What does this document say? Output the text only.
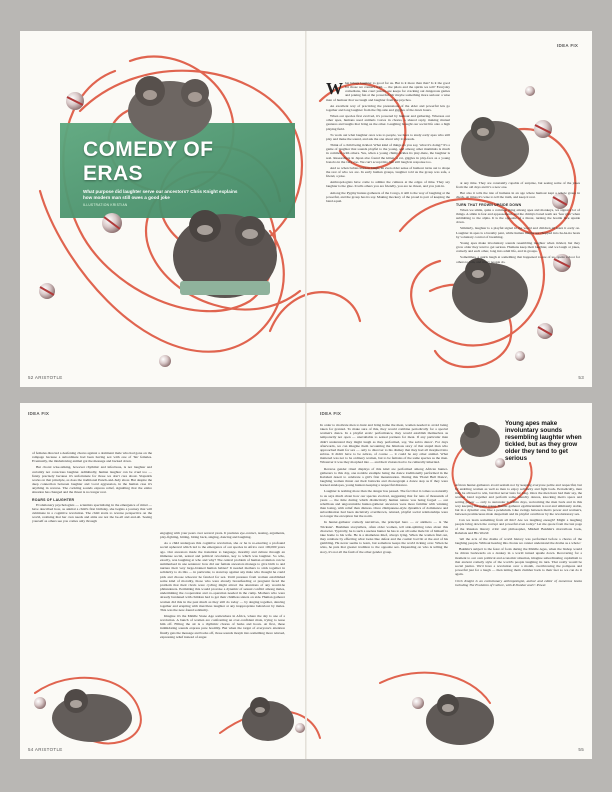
COMEDY OF ERAS
What purpose did laughter serve our ancestors? Chris Knight explains how modern man still owes a good joke
ILLUSTRATION KRISTIAN

What brings laughter to good for us. But is it more than that? Is it the good for those we connect with — the pilots and the spirits we tell? Everyday comedians, like court jesters, are keeps for cracking out dangerous games and poking fun at the powerful. Or maybe something more serious: a wise man of humour that we laugh and laughter from the psychos.

An excellent way of practicing the pretensions of the elder and powerful lets go together and long laughter from the flip side and giggles of the dawn hours.

When our species first evolved, it's powered by humour and gathering. Whereas our other apes, humans used animals voices in chorus, a shared reply, making mutual gestures and laughs that bring us the other. Laughing brought our social life onto a high playing field.

To work out what laughter once was to people, we have to study early apes who still play and make the sound, and ask the one about why it spreads.

Think of a child being tickled. What kind of things do you say, 'what it's doing?' It's a game of laughter that sounds playful to the young, and among other mammals is much in common with others. Yes, when a young chimp tickles its play-mate, the laughter is real. Researchers in Japan also found the kitten, a rat, giggles in play-face as a young bonobo in the very zoo. We can't accept this. We still laugh in response too.

And so when babies learn to laugh, an even older sense of humour turns out to shape the rest of who we are. In early human groups, laughter told us the group was safe, a friend, a joke.

Anthropologists have come to admire the cultures at the edges of time. They say laughter is the glue. It tells others you are friendly, you are no threat, and you join in.

Among the Pygmy hunter-gatherers of the Congo, it still is the way of laughing at the powerful, and the group has its say. Making mockery of the proud is part of keeping the band equal.

at any time. They are constantly capable of surprise, but seeing some of the jokes from the old days and it's a new one.

But also it tells the tale of humans in an age where humour kept a whole group in check. At times it's wise to tell the truth, and keep it real.

TURN THAT FROWN UPSIDE DOWN

When we smile, quite a common thing among apes and monkeys, we signal a lot of things. A smile is fear and appeasement, and the chimp's bared teeth are 'fear grin' when submitting to the alpha. It is the opposite of a threat, turning the hostile face upside down.

Similarly, laughter is a playful signal in the world and children all learn it early on. Laughter in apes is a breathy pant, while human laughs are chopped into ha-ha-ha beats by voluntary control of breathing.

Young apes make involuntary sounds resembling laughter when tickled, but they grow older they tend to get serious. Humans keep their laughter, and we laugh at jokes, comedy and each other, long into adult life, and in groups.

Sometimes, a quick laugh at something that happened to one of us, opens a door for others to join, and many people do.

52 ARISTOTLE
IDEA FIX
53

of females directed a deafening chorus against a dominant male who had gone on the rampage because a subordinate had been having sex with one of 'his' females. Eventually, the misbehaving animal got the message and backed down.

But choral wise-talking, however rhythmic and infectious, is not laughter and certainly not conscious laughter. Admittedly, human laughter can be cruel too — funny precisely because it's unfortunate for those we don't care about. Slapstick works on that principle, as does the traditional Punch-and-Judy show. But despite the deep connection between laughter and vocal aggression, in the human case it's anything in reverse. The cackling sounds express relief, signalling that the entire situation has changed and the threat is no longer real.

ROARS OF LAUGHTER

Evolutionary psychologists — scientists specialising in the emergence of mind — have described how, as animal a child's first birthday, she begins a journey that will culminate in a cognitive revolution. The child starts to reverse perspective on the world, realising that her own needs and aims are not the be-all and end-all. Seeing yourself as others see you comes only through

engaging with your peers over several years. It predates eye-contact, teasing, arguments, play-fighting, hitting, biting back, singing, dancing and laughing.

As a child undergoes this cognitive revolution, she or he is re-enacting a profound social upheaval which led to the emergence of our species in Africa over 100,000 years ago. Our ancestors made the transition to language, morality and culture through an immense social, sexual and political revolution, key to which was laughter. So who, exactly, was laughing at who and why? The central problem of human evolution can be summarised in one sentence: how did our female ancestors manage to give birth to and nurture their very large-brained human babies? It needed mothers to stick together in solidarity to do this — in particular, to stand up against any male who thought he could pick and choose whoever he fancied for sex. Until pressure from women established some kind of morality, those who were already breastfeeding or pregnant faced the problem that their rivals were cycling might attract the attentions of any would-be philanderers. Permitting this would provoke a dynamic of sexual conflict among males, undermining the cooperation and co-operation needed in the camp. Mothers who were already burdened with children had to get their childless sisters on side. Human gatherer women did this in the past much as they still do today — by singing together, dancing together and erupting with merciless laughter at any inappropriate behaviour by males. This was the new-found solidarity.

Imagine it's the Middle Stone Age somewhere in Africa, where the day is one of a revolution. A bunch of women are confronting an over-confident male, trying to tease him off. Filling the air is a rhythmic chorus of barks and hoots. At first, these intimidating sounds express pure hostility. But when the target of everyone's attention finally gets the message and backs off, those sounds morph into something more relaxed, expressing relief instead of anger.

In order to motivate men to hunt and bring home the meat, women needed to avoid being taken for granted. To make sure of this, they would combine periodically for a special women's dance. In a playful erotic performance, they would establish themselves as temporarily not open — unavailable to sexual partners for meat. If any particular man didn't understand they might laugh as they performed, say, 'the zebra dance'. For days afterwards, we can imagine them recounting the hilarious story of that stupid man who approached them for sex — only to discover to his dismay that they had all morphed into zebras. It didn't have to be zebras, of course — it could be any other animal. What mattered was not to be ordinary women, but to be females of the same species as the men. Whatever it was they morphed into — and their visions had to be culturally inherited.

Reverse gender ritual displays of this kind are performed among African hunter-gatherers to this day, one notable example being the dance traditionally performed in the Kalahari desert to celebrate a girl's first menstruation. During this 'Eland Bull Dance', laughing women thrust out their buttocks and choreograph a dance step as if they were horned antelopes, young hunters keeping a respectful distance.

Laughter is nothing more than the danger has passed. The fact that it comes so naturally to us says much about how our species evolved, suggesting that for tens of thousands of years — the time during which distinctively human nature was being forged — our rebellious and ungovernable hunter-gatherer ancestors were more familiar with winning than losing, with relief than distress. Once chimpanzee-style dynamics of dominance and subordination had been decisively overthrown, relaxed, playful social relationships were no longer the exception but the norm.

In hunter-gatherer comedy narratives, the principal hero — or antihero — is 'the Trickster'. Bushmen storytellers, often older women, tell side-splitting tales about this character. Typically, he is such a useless hunter he has to eat all some male bit of himself to take home to his wife. He is a shameless thief, always lying. When the women find out, they retaliate by effecting what looks like defeat and the cosmic bad bit at the end of his gambling. He never seems to learn, but somehow keeps the world ticking over. When he wins, he puts that greater tradition to the opposite sex. Depending on who is telling the story, it's not all the fault of the other gender group.

African hunter-gatherers avoid sexism not by keeping everyone polite and respectful, but by enabling women as well as men to enjoy solidarity and fight back. Periodically, men may be allowed to win, but that never lasts for long. Once the men have had their say, the women band together and perform some raunchy dances, knocking men's space and setting power — only to surrender it within days, welcoming the men back and in this way keeping the game going. Hunter-gatherer egalitarianism is real and ultimately stable, but in a dynamic one, like a pendulum. Like swings between men's power and women's, between promiscuous male despotism and its playful overthrow by the revolutionary sex.

Can we learn something from all this? Are we laughing enough? Might a laughing people bring down the corrupt and powerful even today? Let me quote from the last page of the Russian literary critic and philosopher, Mikhail Bakhtin's marvellous book, Rabelais and His World:

'All the acts of the drama of world history was performed before a chorus of the laughing people. Without hearing this chorus we cannot understand the drama as a whole.'

Bakhtin's subject is the feast of fools during the Middle Ages, when the bishop would be driven backwards on a donkey in a world turned upside down. Recovering for a moment to our own political and economic situation, imagine subordinating capitalism to that ancient comedy style of the world's people laughing its turn. That really would be social justice. We'd have a revolution over a month, overthrowing the pompous and powerful just for a laugh — then letting them clamber back to their feet so we can do it again.

Chris Knight is an evolutionary anthropologist, author and editor of numerous books including The Evolution of Culture, with R Dunbar and C Power.

Young apes make involuntary sounds resembling laughter when tickled, but as they grow older they tend to get serious
IDEA FIX
54 ARISTOTLE
IDEA FIX
55
